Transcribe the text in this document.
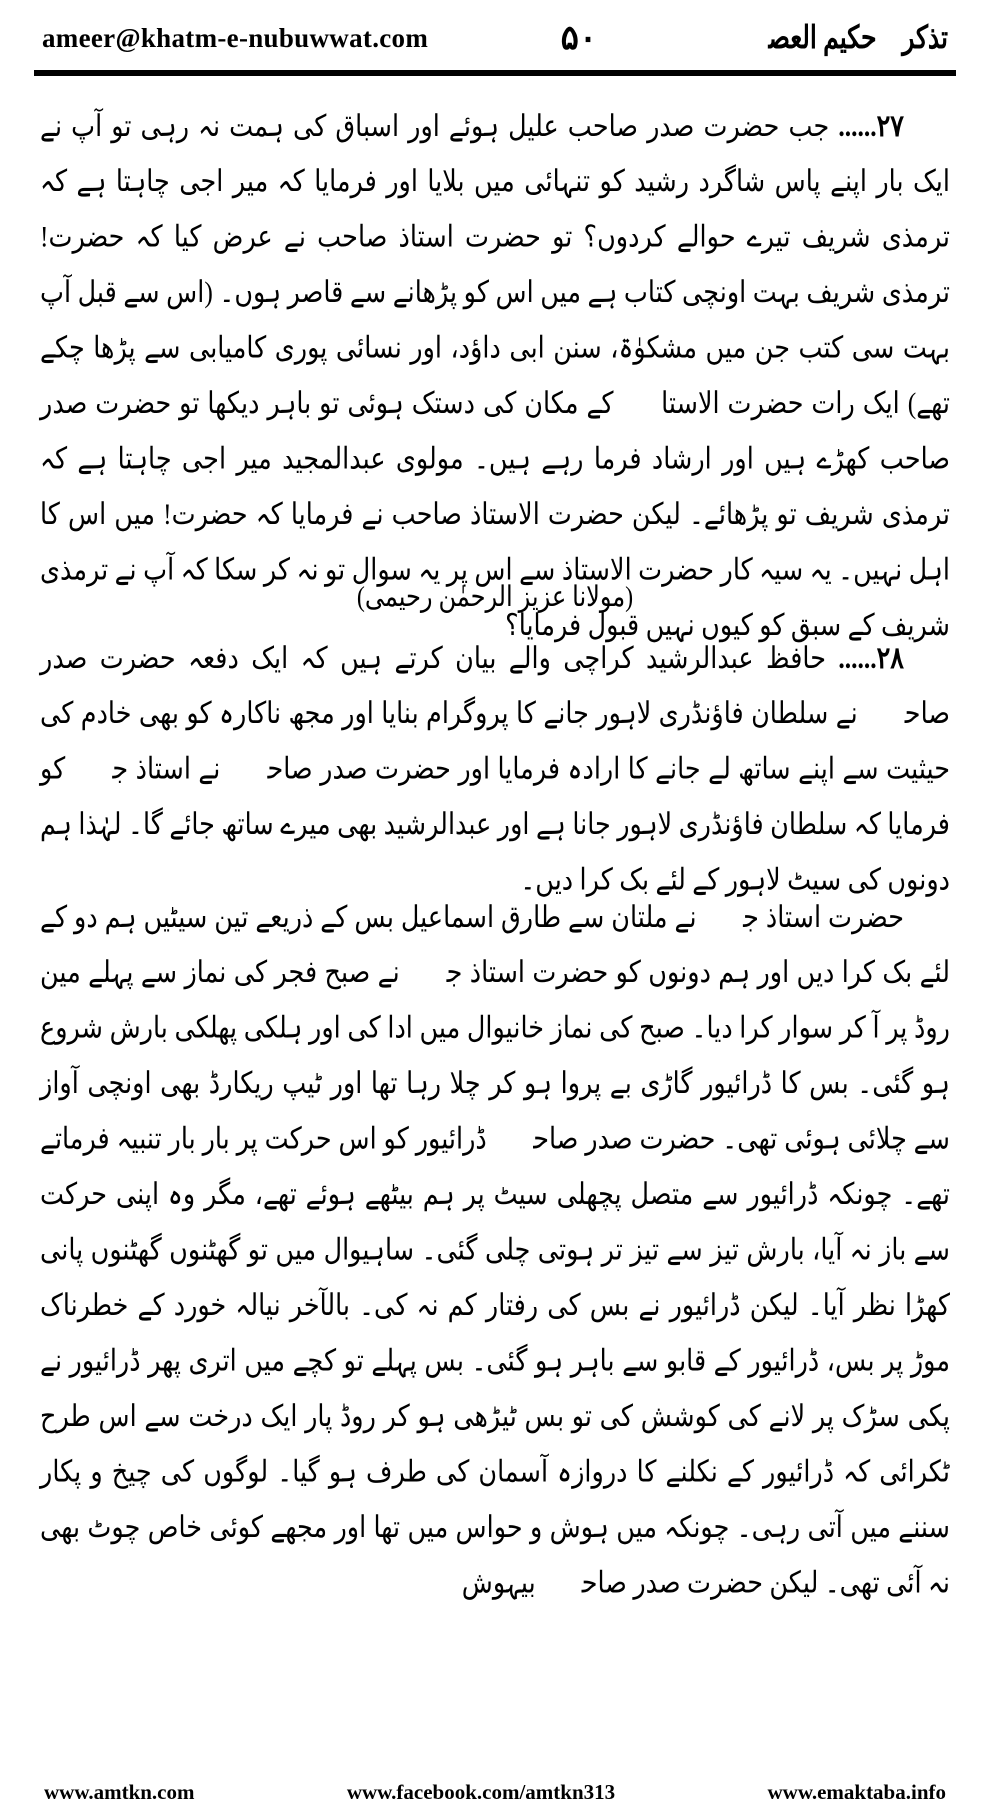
ameer@khatm-e-nubuwwat.com	۵۰	تذکرہ حکیم العصرؒ

۲۷...... جب حضرت صدر صاحب علیل ہوئے اور اسباق کی ہمت نہ رہی تو آپ نے ایک بار اپنے پاس شاگرد رشید کو تنہائی میں بلایا اور فرمایا کہ میر اجی چاہتا ہے کہ ترمذی شریف تیرے حوالے کردوں؟ تو حضرت استاذ صاحب نے عرض کیا کہ حضرت! ترمذی شریف بہت اونچی کتاب ہے میں اس کو پڑھانے سے قاصر ہوں۔ (اس سے قبل آپ بہت سی کتب جن میں مشکوٰۃ، سنن ابی داؤد، اور نسائی پوری کامیابی سے پڑھا چکے تھے) ایک رات حضرت الاستاذؒ کے مکان کی دستک ہوئی تو باہر دیکھا تو حضرت صدر صاحب کھڑے ہیں اور ارشاد فرما رہے ہیں۔ مولوی عبدالمجید میر اجی چاہتا ہے کہ ترمذی شریف تو پڑھائے۔ لیکن حضرت الاستاذ صاحب نے فرمایا کہ حضرت! میں اس کا اہل نہیں۔ یہ سیہ کار حضرت الاستاذ سے اس پر یہ سوال تو نہ کر سکا کہ آپ نے ترمذی شریف کے سبق کو کیوں نہیں قبول فرمایا؟

(مولانا عزیز الرحمٰن رحیمی)

۲۸...... حافظ عبدالرشید کراچی والے بیان کرتے ہیں کہ ایک دفعہ حضرت صدر صاحبؒ نے سلطان فاؤنڈری لاہور جانے کا پروگرام بنایا اور مجھ ناکارہ کو بھی خادم کی حیثیت سے اپنے ساتھ لے جانے کا ارادہ فرمایا اور حضرت صدر صاحبؒ نے استاذ جیؒ کو فرمایا کہ سلطان فاؤنڈری لاہور جانا ہے اور عبدالرشید بھی میرے ساتھ جائے گا۔ لہٰذا ہم دونوں کی سیٹ لاہور کے لئے بک کرا دیں۔

حضرت استاذ جیؒ نے ملتان سے طارق اسماعیل بس کے ذریعے تین سیٹیں ہم دو کے لئے بک کرا دیں اور ہم دونوں کو حضرت استاذ جیؒ نے صبح فجر کی نماز سے پہلے مین روڈ پر آ کر سوار کرا دیا۔ صبح کی نماز خانیوال میں ادا کی اور ہلکی پھلکی بارش شروع ہو گئی۔ بس کا ڈرائیور گاڑی بے پروا ہو کر چلا رہا تھا اور ٹیپ ریکارڈ بھی اونچی آواز سے چلائی ہوئی تھی۔ حضرت صدر صاحبؒ ڈرائیور کو اس حرکت پر بار بار تنبیہ فرماتے تھے۔ چونکہ ڈرائیور سے متصل پچھلی سیٹ پر ہم بیٹھے ہوئے تھے، مگر وہ اپنی حرکت سے باز نہ آیا، بارش تیز سے تیز تر ہوتی چلی گئی۔ ساہیوال میں تو گھٹنوں گھٹنوں پانی کھڑا نظر آیا۔ لیکن ڈرائیور نے بس کی رفتار کم نہ کی۔ بالآخر نیالہ خورد کے خطرناک موڑ پر بس، ڈرائیور کے قابو سے باہر ہو گئی۔ بس پہلے تو کچے میں اتری پھر ڈرائیور نے پکی سڑک پر لانے کی کوشش کی تو بس ٹیڑھی ہو کر روڈ پار ایک درخت سے اس طرح ٹکرائی کہ ڈرائیور کے نکلنے کا دروازہ آسمان کی طرف ہو گیا۔ لوگوں کی چیخ و پکار سننے میں آتی رہی۔ چونکہ میں ہوش و حواس میں تھا اور مجھے کوئی خاص چوٹ بھی نہ آئی تھی۔ لیکن حضرت صدر صاحبؒ بیہوش

www.amtkn.com	www.facebook.com/amtkn313	www.emaktaba.info
